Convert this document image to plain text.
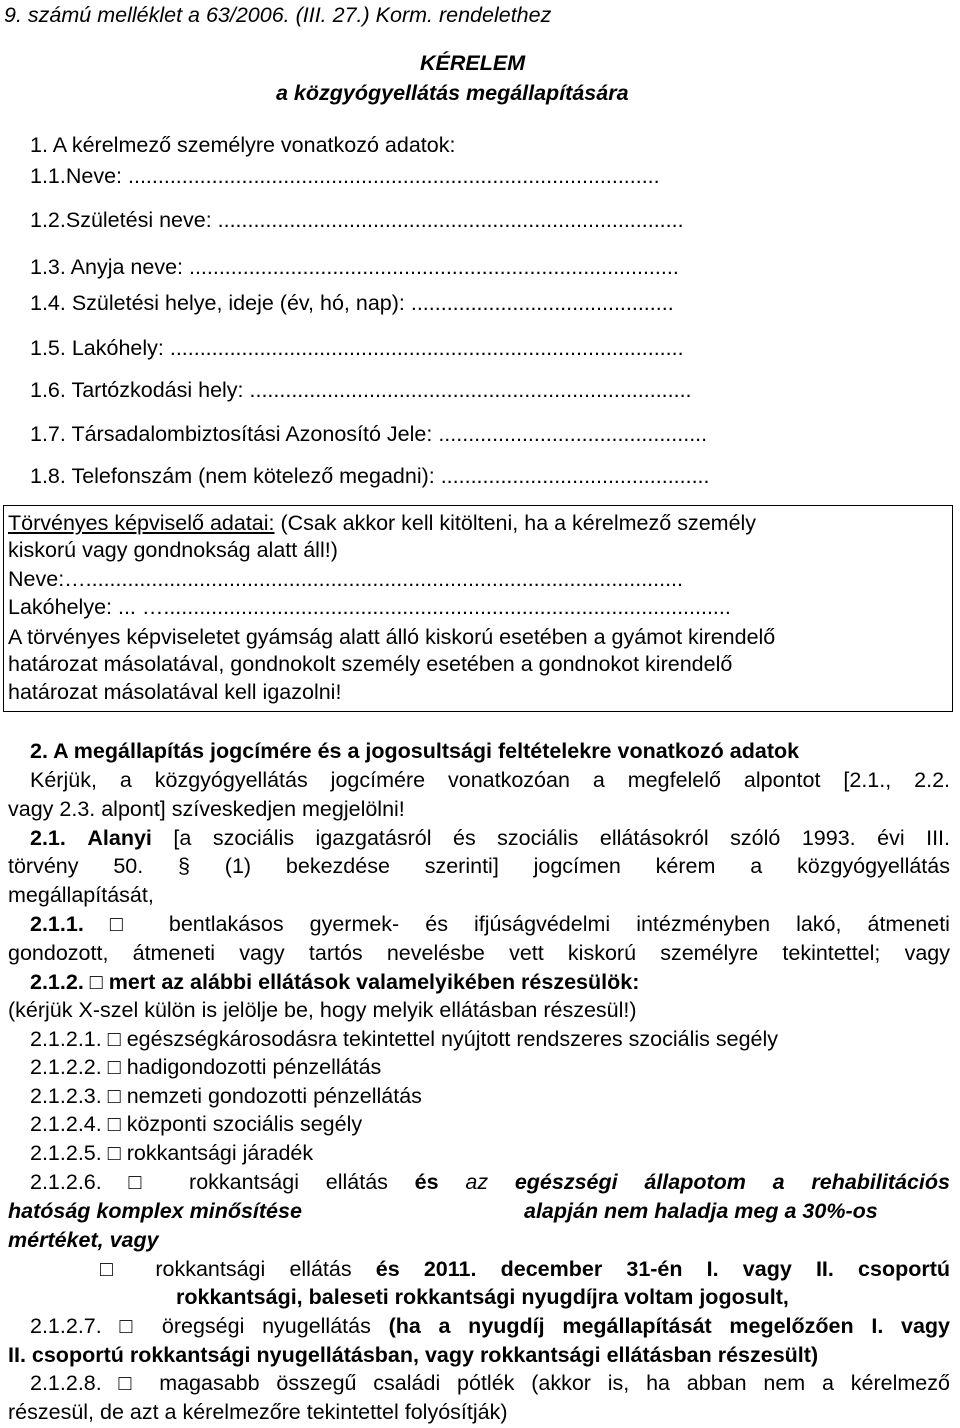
9. számú melléklet a 63/2006. (III. 27.) Korm. rendelethez
KÉRELEM
a közgyógyellátás megállapítására
1. A kérelmező személyre vonatkozó adatok:
1.1.Neve: .........................................................................................
1.2.Születési neve: ..............................................................................
1.3. Anyja neve: ..................................................................................
1.4. Születési helye, ideje (év, hó, nap): ............................................
1.5. Lakóhely: ......................................................................................
1.6. Tartózkodási hely: ..........................................................................
1.7. Társadalombiztosítási Azonosító Jele: .............................................
1.8. Telefonszám (nem kötelező megadni): .............................................
Törvényes képviselő adatai: (Csak akkor kell kitölteni, ha a kérelmező személy
kiskorú vagy gondnokság alatt áll!)
Neve:…....................................................................................................
Lakóhelye: ... …...............................................................................................
A törvényes képviseletet gyámság alatt álló kiskorú esetében a gyámot kirendelő
határozat másolatával, gondnokolt személy esetében a gondnokot kirendelő
határozat másolatával kell igazolni!
2. A megállapítás jogcímére és a jogosultsági feltételekre vonatkozó adatok
Kérjük, a közgyógyellátás jogcímére vonatkozóan a megfelelő alpontot [2.1., 2.2.
vagy 2.3. alpont] szíveskedjen megjelölni!
2.1. Alanyi [a szociális igazgatásról és szociális ellátásokról szóló 1993. évi III.
törvény 50. § (1) bekezdése szerinti] jogcímen kérem a közgyógyellátás
megállapítását,
2.1.1. □ bentlakásos gyermek- és ifjúságvédelmi intézményben lakó, átmeneti
gondozott, átmeneti vagy tartós nevelésbe vett kiskorú személyre tekintettel; vagy
2.1.2. □ mert az alábbi ellátások valamelyikében részesülök:
(kérjük X-szel külön is jelölje be, hogy melyik ellátásban részesül!)
2.1.2.1. □ egészségkárosodásra tekintettel nyújtott rendszeres szociális segély
2.1.2.2. □ hadigondozotti pénzellátás
2.1.2.3. □ nemzeti gondozotti pénzellátás
2.1.2.4. □ központi szociális segély
2.1.2.5. □ rokkantsági járadék
2.1.2.6. □ rokkantsági ellátás és az egészségi állapotom a rehabilitációs
hatóság komplex minősítése	alapján nem haladja meg a 30%-os
mértéket, vagy
□ rokkantsági ellátás és 2011. december 31-én I. vagy II. csoportú
rokkantsági, baleseti rokkantsági nyugdíjra voltam jogosult,
2.1.2.7. □ öregségi nyugellátás (ha a nyugdíj megállapítását megelőzően I. vagy
II. csoportú rokkantsági nyugellátásban, vagy rokkantsági ellátásban részesült)
2.1.2.8. □ magasabb összegű családi pótlék (akkor is, ha abban nem a kérelmező
részesül, de azt a kérelmezőre tekintettel folyósítják)
